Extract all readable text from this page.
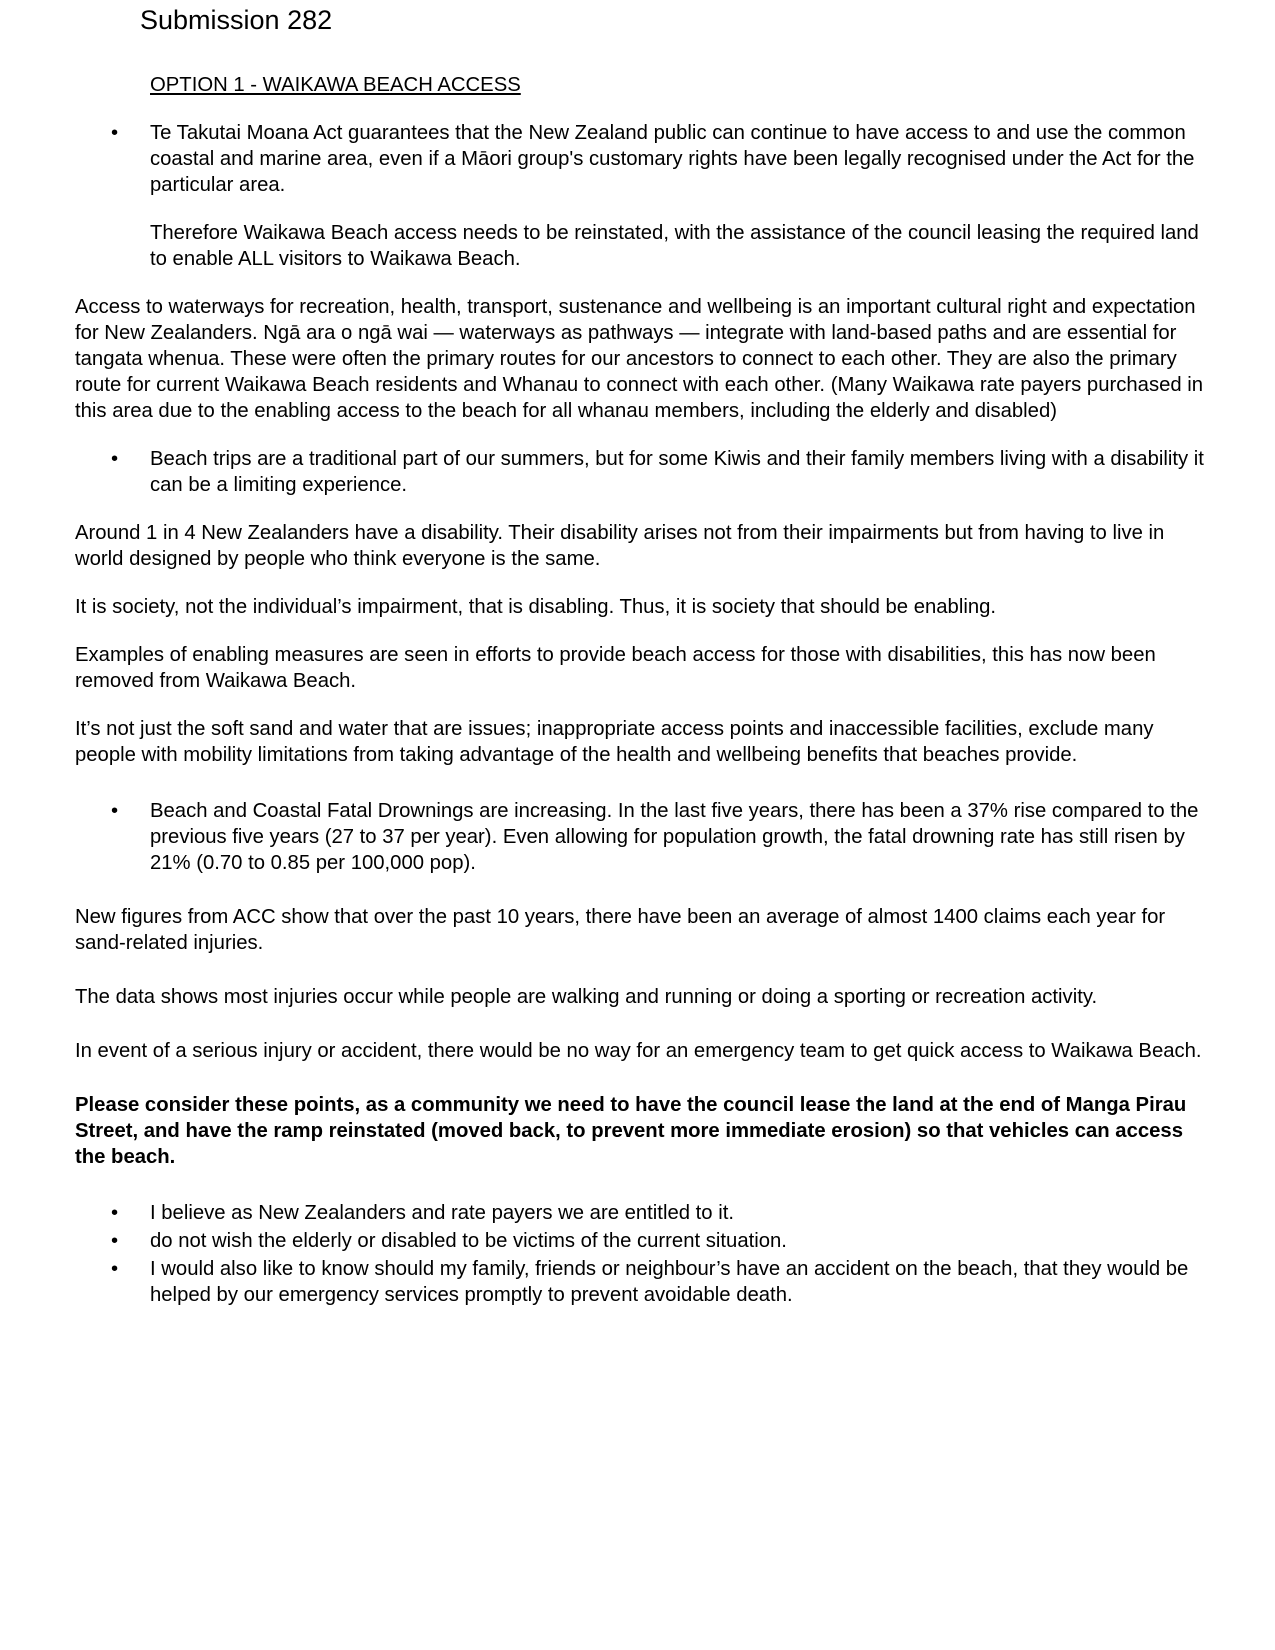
Submission 282
OPTION 1 - WAIKAWA BEACH ACCESS
• Te Takutai Moana Act guarantees that the New Zealand public can continue to have access to and use the common coastal and marine area, even if a Māori group's customary rights have been legally recognised under the Act for the particular area.
Therefore Waikawa Beach access needs to be reinstated, with the assistance of the council leasing the required land to enable ALL visitors to Waikawa Beach.
Access to waterways for recreation, health, transport, sustenance and wellbeing is an important cultural right and expectation for New Zealanders. Ngā ara o ngā wai — waterways as pathways — integrate with land-based paths and are essential for tangata whenua. These were often the primary routes for our ancestors to connect to each other. They are also the primary route for current Waikawa Beach residents and Whanau to connect with each other. (Many Waikawa rate payers purchased in this area due to the enabling access to the beach for all whanau members, including the elderly and disabled)
• Beach trips are a traditional part of our summers, but for some Kiwis and their family members living with a disability it can be a limiting experience.
Around 1 in 4 New Zealanders have a disability. Their disability arises not from their impairments but from having to live in world designed by people who think everyone is the same.
It is society, not the individual’s impairment, that is disabling. Thus, it is society that should be enabling.
Examples of enabling measures are seen in efforts to provide beach access for those with disabilities, this has now been removed from Waikawa Beach.
It’s not just the soft sand and water that are issues; inappropriate access points and inaccessible facilities, exclude many people with mobility limitations from taking advantage of the health and wellbeing benefits that beaches provide.
• Beach and Coastal Fatal Drownings are increasing. In the last five years, there has been a 37% rise compared to the previous five years (27 to 37 per year). Even allowing for population growth, the fatal drowning rate has still risen by 21% (0.70 to 0.85 per 100,000 pop).
New figures from ACC show that over the past 10 years, there have been an average of almost 1400 claims each year for sand-related injuries.
The data shows most injuries occur while people are walking and running or doing a sporting or recreation activity.
In event of a serious injury or accident, there would be no way for an emergency team to get quick access to Waikawa Beach.
Please consider these points, as a community we need to have the council lease the land at the end of Manga Pirau Street, and have the ramp reinstated (moved back, to prevent more immediate erosion) so that vehicles can access the beach.
• I believe as New Zealanders and rate payers we are entitled to it.
• do not wish the elderly or disabled to be victims of the current situation.
• I would also like to know should my family, friends or neighbour’s have an accident on the beach, that they would be helped by our emergency services promptly to prevent avoidable death.
